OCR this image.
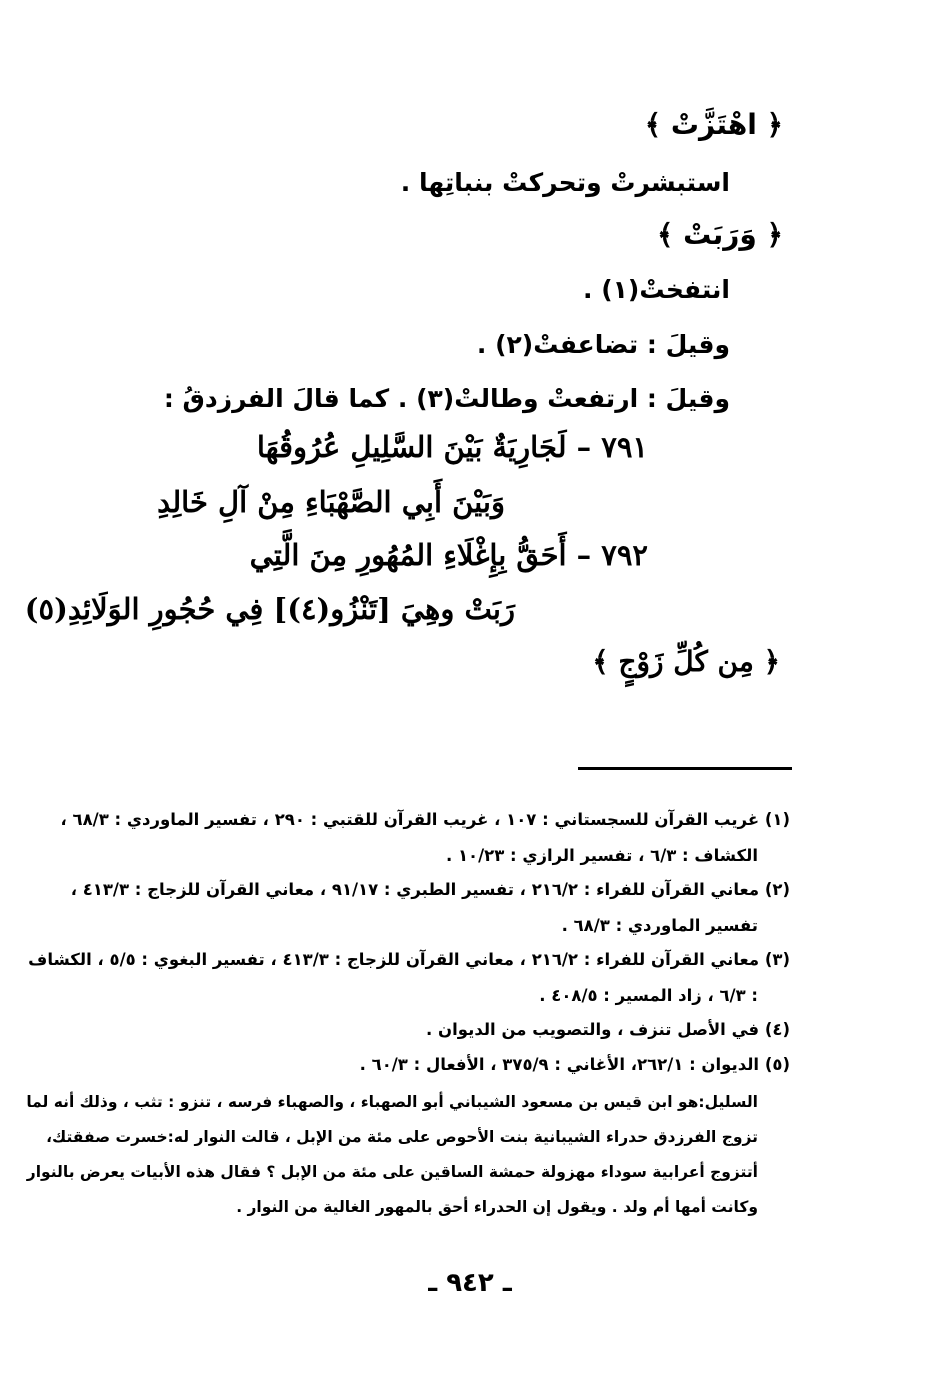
﴿ اهْتَزَّتْ ﴾
استبشرتْ وتحركتْ بنباتِها .
﴿ وَرَبَتْ ﴾
انتفختْ(١) .
وقيلَ : تضاعفتْ(٢) .
وقيلَ : ارتفعتْ وطالتْ(٣) . كما قالَ الفرزدقُ :
٧٩١ – لَجَارِيَةٌ بَيْنَ السَّلِيلِ عُرُوقُهَا
وَبَيْنَ أَبِي الصَّهْبَاءِ مِنْ آلِ خَالِدِ
٧٩٢ – أَحَقُّ بِإِغْلَاءِ المُهُورِ مِنَ الَّتِي
رَبَتْ وهِيَ [تَنْزُو(٤)] فِي حُجُورِ الوَلَائِدِ(٥)
﴿ مِن كُلِّ زَوْجٍ ﴾
(١) غريب القرآن للسجستاني : ١٠٧ ، غريب القرآن للقتبي : ٢٩٠ ، تفسير الماوردي : ٦٨/٣ ،
الكشاف : ٦/٣ ، تفسير الرازي : ١٠/٢٣ .
(٢) معاني القرآن للفراء : ٢١٦/٢ ، تفسير الطبري : ٩١/١٧ ، معاني القرآن للزجاج : ٤١٣/٣ ،
تفسير الماوردي : ٦٨/٣ .
(٣) معاني القرآن للفراء : ٢١٦/٢ ، معاني القرآن للزجاج : ٤١٣/٣ ، تفسير البغوي : ٥/٥ ، الكشاف
: ٦/٣ ، زاد المسير : ٤٠٨/٥ .
(٤) في الأصل تنزف ، والتصويب من الديوان .
(٥) الديوان : ٢٦٢/١، الأغاني : ٣٧٥/٩ ، الأفعال : ٦٠/٣ .
السليل:هو ابن قيس بن مسعود الشيباني أبو الصهباء ، والصهباء فرسه ، تنزو : تثب ، وذلك أنه لما
تزوج الفرزدق حدراء الشيبانية بنت الأحوص على مئة من الإبل ، قالت النوار له:خسرت صفقتك،
أتتزوج أعرابية سوداء مهزولة حمشة الساقين على مئة من الإبل ؟ فقال هذه الأبيات يعرض بالنوار
وكانت أمها أم ولد . ويقول إن الحدراء أحق بالمهور الغالية من النوار .
ـ ٩٤٢ ـ
